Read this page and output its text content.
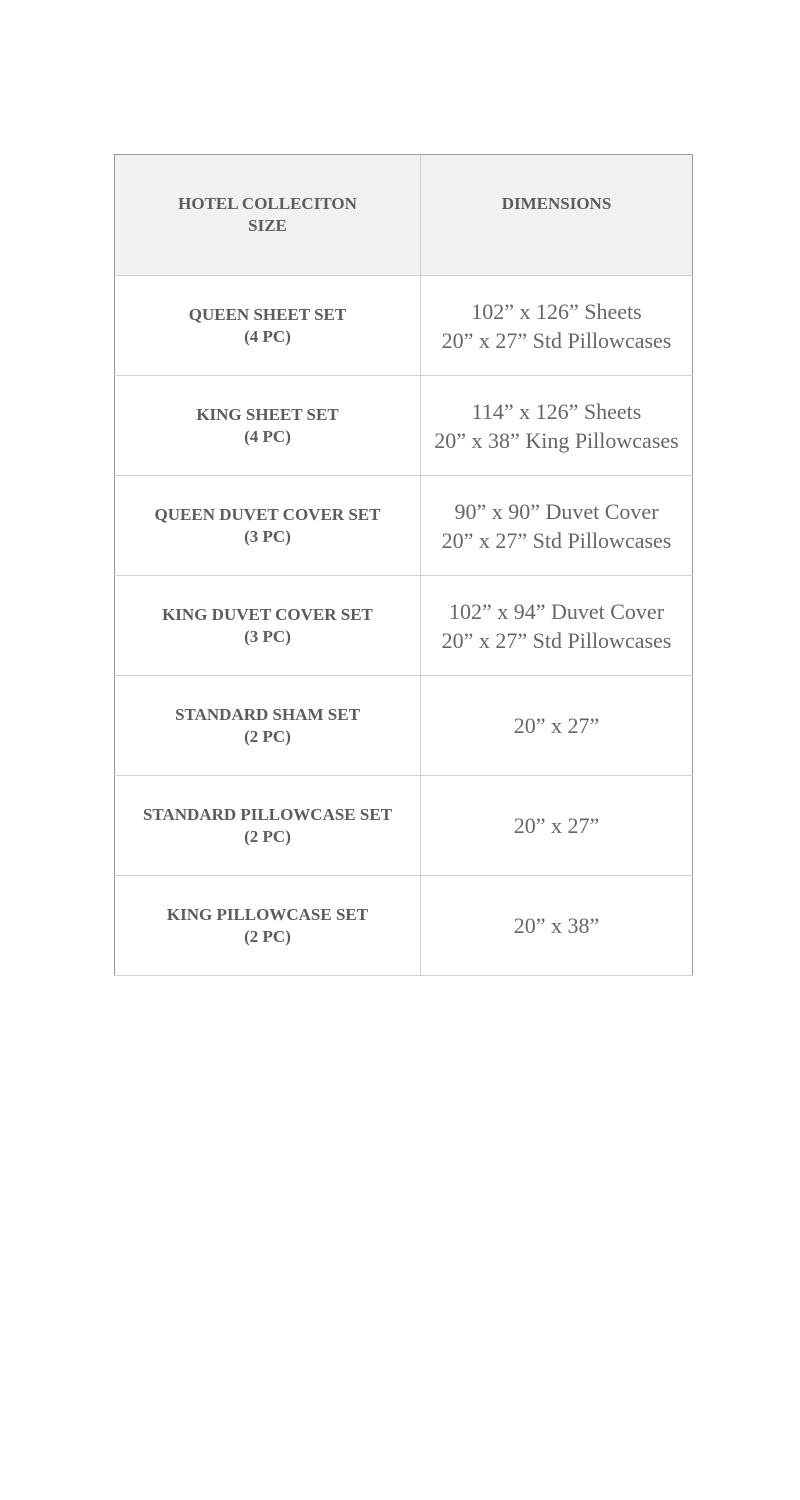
HOTEL COLLECITON
SIZE	DIMENSIONS

QUEEN SHEET SET
(4 PC)	102” x 126” Sheets
20” x 27” Std Pillowcases

KING SHEET SET
(4 PC)	114” x 126” Sheets
20” x 38” King Pillowcases

QUEEN DUVET COVER SET
(3 PC)	90” x 90” Duvet Cover
20” x 27” Std Pillowcases

KING DUVET COVER SET
(3 PC)	102” x 94” Duvet Cover
20” x 27” Std Pillowcases

STANDARD SHAM SET
(2 PC)	20” x 27”

STANDARD PILLOWCASE SET
(2 PC)	20” x 27”

KING PILLOWCASE SET
(2 PC)	20” x 38”
